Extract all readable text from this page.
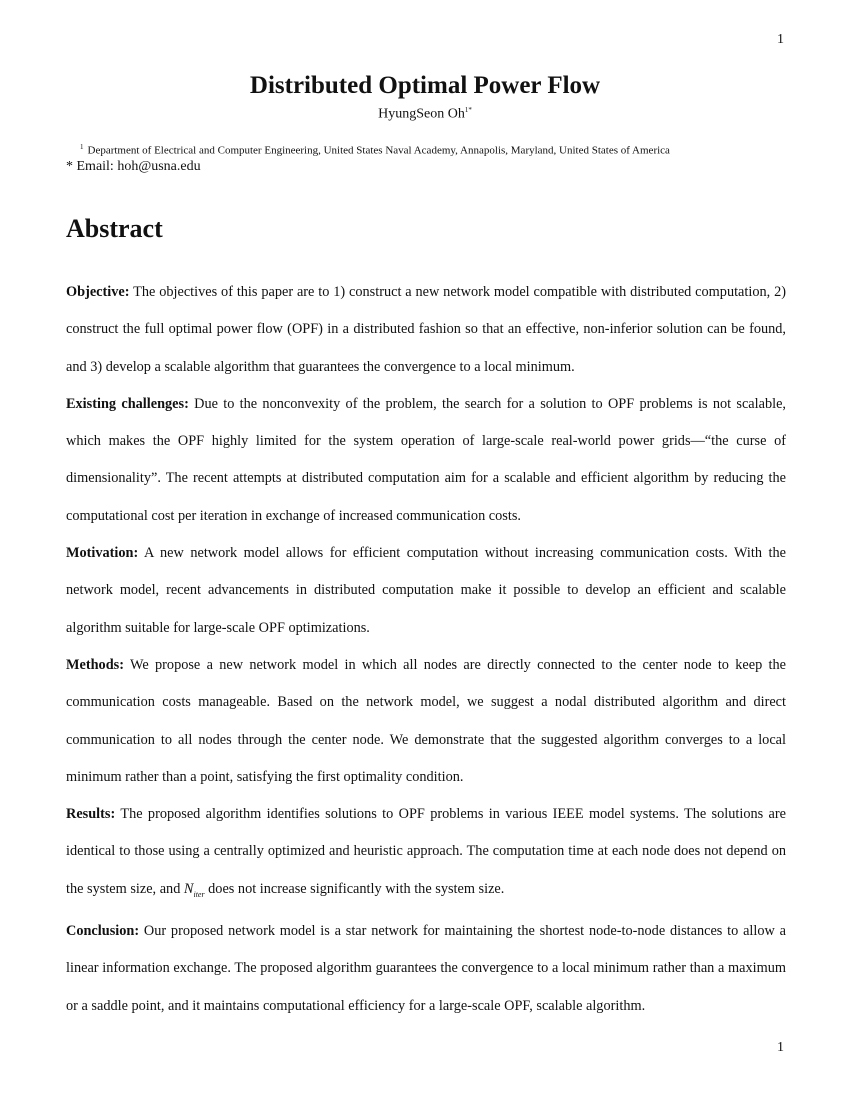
1
Distributed Optimal Power Flow
HyungSeon $Oh^{1*}$
$^1$ Department of Electrical and Computer Engineering, United States Naval Academy, Annapolis, Maryland, United States of America
* Email: hoh@usna.edu
Abstract

Objective: The objectives of this paper are to 1) construct a new network model compatible with distributed computation, 2) construct the full optimal power flow (OPF) in a distributed fashion so that an effective, non-inferior solution can be found, and 3) develop a scalable algorithm that guarantees the convergence to a local minimum.

Existing challenges: Due to the nonconvexity of the problem, the search for a solution to OPF problems is not scalable, which makes the OPF highly limited for the system operation of large-scale real-world power grids—“the curse of dimensionality”. The recent attempts at distributed computation aim for a scalable and efficient algorithm by reducing the computational cost per iteration in exchange of increased communication costs.

Motivation: A new network model allows for efficient computation without increasing communication costs. With the network model, recent advancements in distributed computation make it possible to develop an efficient and scalable algorithm suitable for large-scale OPF optimizations.

Methods: We propose a new network model in which all nodes are directly connected to the center node to keep the communication costs manageable. Based on the network model, we suggest a nodal distributed algorithm and direct communication to all nodes through the center node. We demonstrate that the suggested algorithm converges to a local minimum rather than a point, satisfying the first optimality condition.

Results: The proposed algorithm identifies solutions to OPF problems in various IEEE model systems. The solutions are identical to those using a centrally optimized and heuristic approach. The computation time at each node does not depend on the system size, and $N_{iter}$ does not increase significantly with the system size.

Conclusion: Our proposed network model is a star network for maintaining the shortest node-to-node distances to allow a linear information exchange. The proposed algorithm guarantees the convergence to a local minimum rather than a maximum or a saddle point, and it maintains computational efficiency for a large-scale OPF, scalable algorithm.

1
